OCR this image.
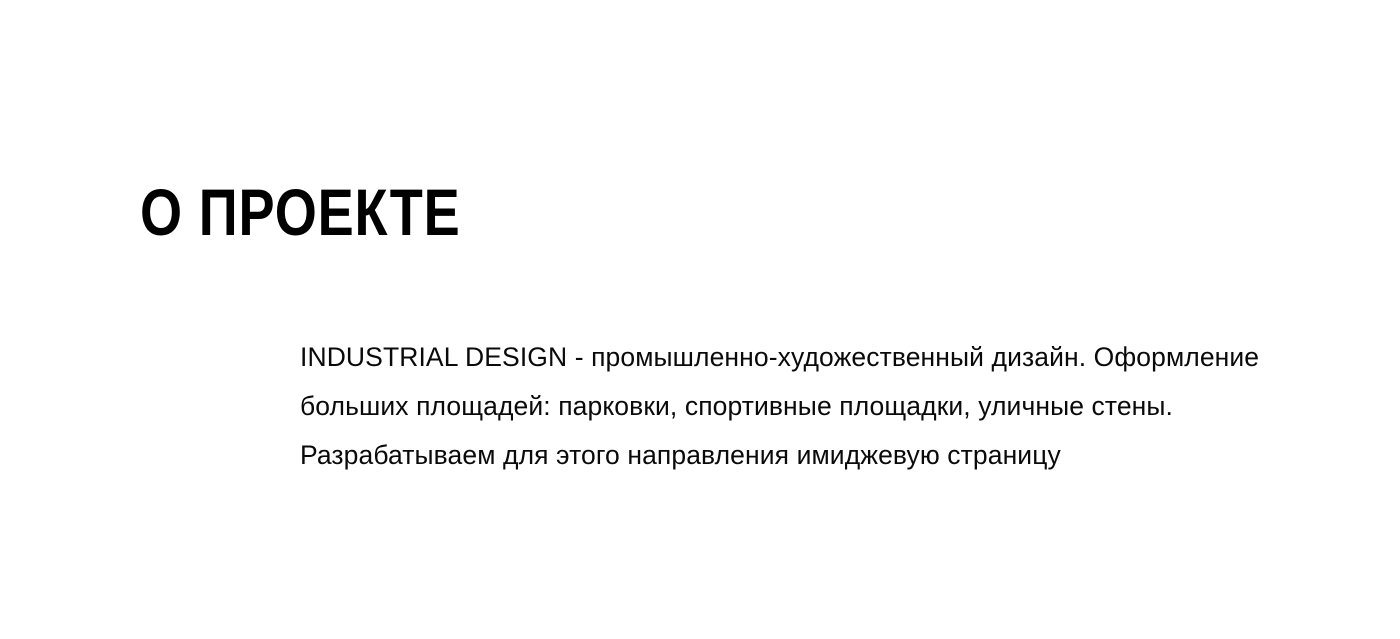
О ПРОЕКТЕ

INDUSTRIAL DESIGN - промышленно-художественный дизайн. Оформление больших площадей: парковки, спортивные площадки, уличные стены. Разрабатываем для этого направления имиджевую страницу
